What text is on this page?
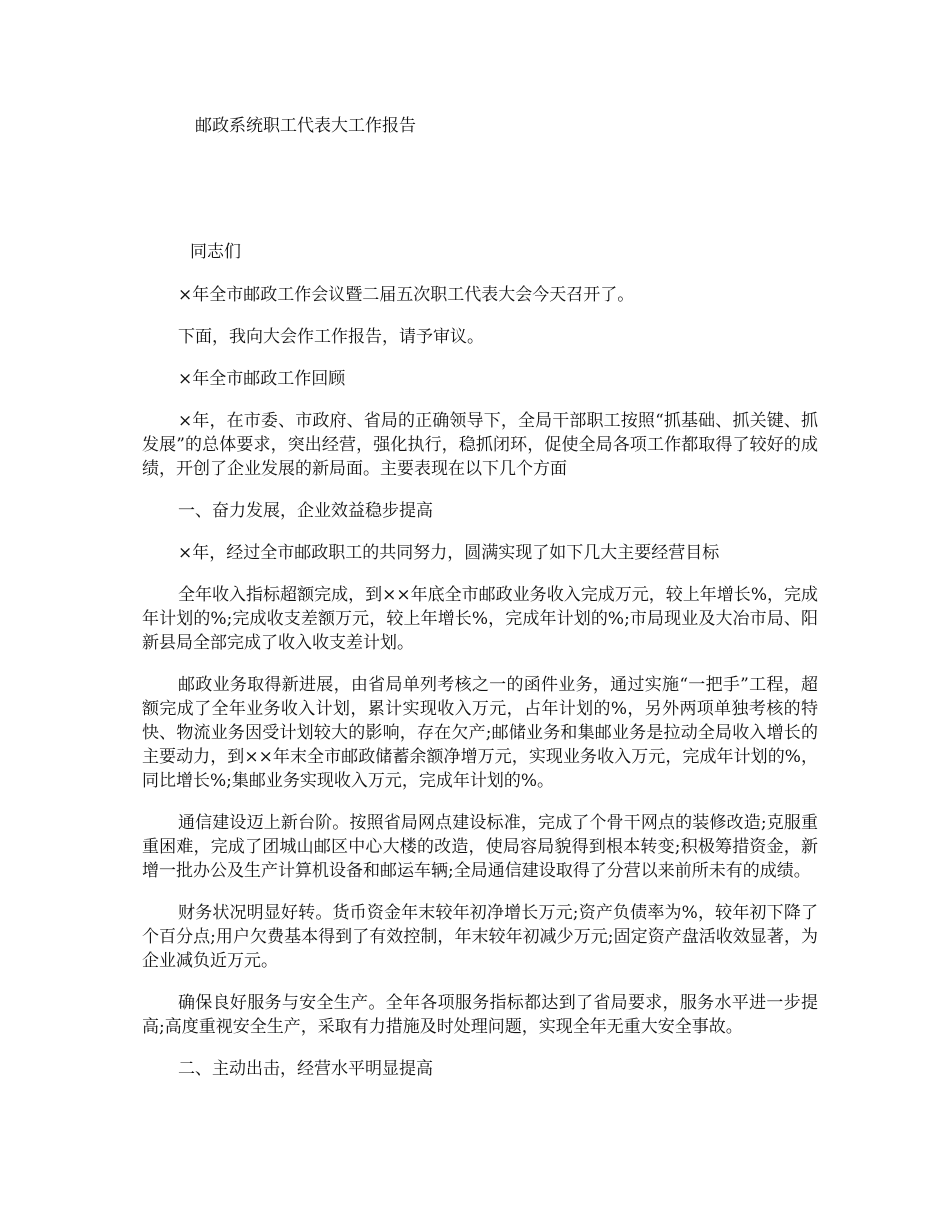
邮政系统职工代表大工作报告
同志们

×年全市邮政工作会议暨二届五次职工代表大会今天召开了。

下面，我向大会作工作报告，请予审议。

×年全市邮政工作回顾

×年，在市委、市政府、省局的正确领导下，全局干部职工按照“抓基础、抓关键、抓发展”的总体要求，突出经营，强化执行，稳抓闭环，促使全局各项工作都取得了较好的成绩，开创了企业发展的新局面。主要表现在以下几个方面

一、奋力发展，企业效益稳步提高

×年，经过全市邮政职工的共同努力，圆满实现了如下几大主要经营目标

全年收入指标超额完成，到××年底全市邮政业务收入完成万元，较上年增长%，完成年计划的%;完成收支差额万元，较上年增长%，完成年计划的%;市局现业及大冶市局、阳新县局全部完成了收入收支差计划。

邮政业务取得新进展，由省局单列考核之一的函件业务，通过实施“一把手”工程，超额完成了全年业务收入计划，累计实现收入万元，占年计划的%，另外两项单独考核的特快、物流业务因受计划较大的影响，存在欠产;邮储业务和集邮业务是拉动全局收入增长的主要动力，到××年末全市邮政储蓄余额净增万元，实现业务收入万元，完成年计划的%，同比增长%;集邮业务实现收入万元，完成年计划的%。

通信建设迈上新台阶。按照省局网点建设标准，完成了个骨干网点的装修改造;克服重重困难，完成了团城山邮区中心大楼的改造，使局容局貌得到根本转变;积极筹措资金，新增一批办公及生产计算机设备和邮运车辆;全局通信建设取得了分营以来前所未有的成绩。

财务状况明显好转。货币资金年末较年初净增长万元;资产负债率为%，较年初下降了个百分点;用户欠费基本得到了有效控制，年末较年初减少万元;固定资产盘活收效显著，为企业减负近万元。

确保良好服务与安全生产。全年各项服务指标都达到了省局要求，服务水平进一步提高;高度重视安全生产，采取有力措施及时处理问题，实现全年无重大安全事故。

二、主动出击，经营水平明显提高
